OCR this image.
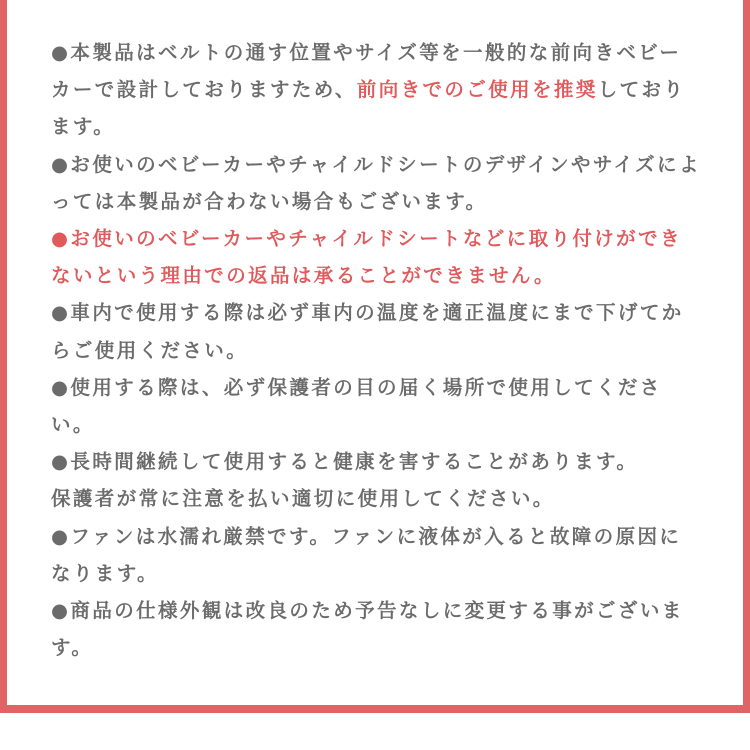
●本製品はベルトの通す位置やサイズ等を一般的な前向きベビーカーで設計しておりますため、前向きでのご使用を推奨しております。
●お使いのベビーカーやチャイルドシートのデザインやサイズによっては本製品が合わない場合もございます。
●お使いのベビーカーやチャイルドシートなどに取り付けができないという理由での返品は承ることができません。
●車内で使用する際は必ず車内の温度を適正温度にまで下げてからご使用ください。
●使用する際は、必ず保護者の目の届く場所で使用してください。
●長時間継続して使用すると健康を害することがあります。
保護者が常に注意を払い適切に使用してください。
●ファンは水濡れ厳禁です。ファンに液体が入ると故障の原因になります。
●商品の仕様外観は改良のため予告なしに変更する事がございます。
